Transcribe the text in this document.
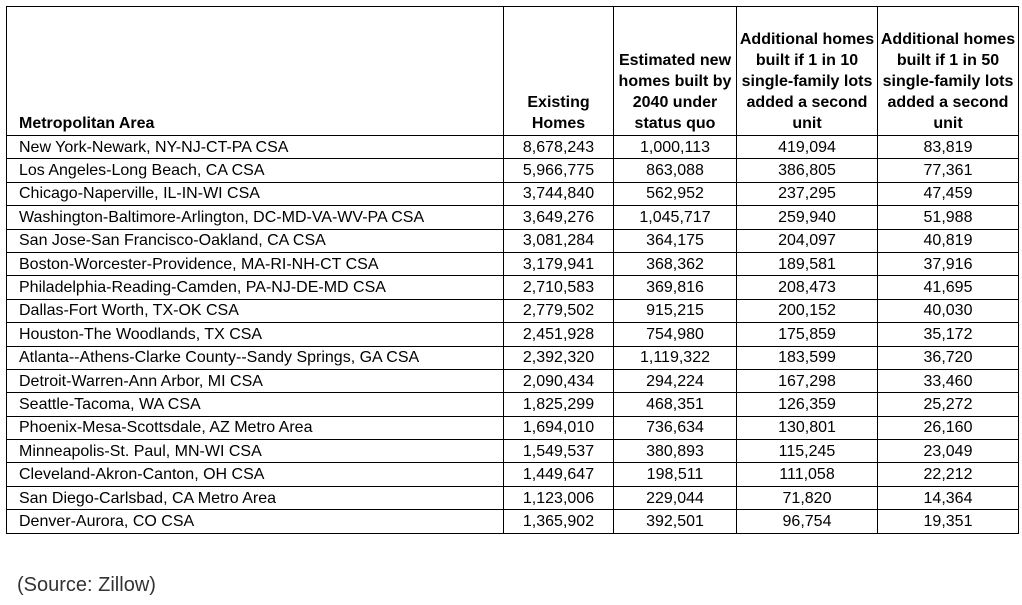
Metropolitan Area	Existing Homes	Estimated new homes built by 2040 under status quo	Additional homes built if 1 in 10 single-family lots added a second unit	Additional homes built if 1 in 50 single-family lots added a second unit
New York-Newark, NY-NJ-CT-PA CSA	8,678,243	1,000,113	419,094	83,819
Los Angeles-Long Beach, CA CSA	5,966,775	863,088	386,805	77,361
Chicago-Naperville, IL-IN-WI CSA	3,744,840	562,952	237,295	47,459
Washington-Baltimore-Arlington, DC-MD-VA-WV-PA CSA	3,649,276	1,045,717	259,940	51,988
San Jose-San Francisco-Oakland, CA CSA	3,081,284	364,175	204,097	40,819
Boston-Worcester-Providence, MA-RI-NH-CT CSA	3,179,941	368,362	189,581	37,916
Philadelphia-Reading-Camden, PA-NJ-DE-MD CSA	2,710,583	369,816	208,473	41,695
Dallas-Fort Worth, TX-OK CSA	2,779,502	915,215	200,152	40,030
Houston-The Woodlands, TX CSA	2,451,928	754,980	175,859	35,172
Atlanta--Athens-Clarke County--Sandy Springs, GA CSA	2,392,320	1,119,322	183,599	36,720
Detroit-Warren-Ann Arbor, MI CSA	2,090,434	294,224	167,298	33,460
Seattle-Tacoma, WA CSA	1,825,299	468,351	126,359	25,272
Phoenix-Mesa-Scottsdale, AZ Metro Area	1,694,010	736,634	130,801	26,160
Minneapolis-St. Paul, MN-WI CSA	1,549,537	380,893	115,245	23,049
Cleveland-Akron-Canton, OH CSA	1,449,647	198,511	111,058	22,212
San Diego-Carlsbad, CA Metro Area	1,123,006	229,044	71,820	14,364
Denver-Aurora, CO CSA	1,365,902	392,501	96,754	19,351
(Source: Zillow)
